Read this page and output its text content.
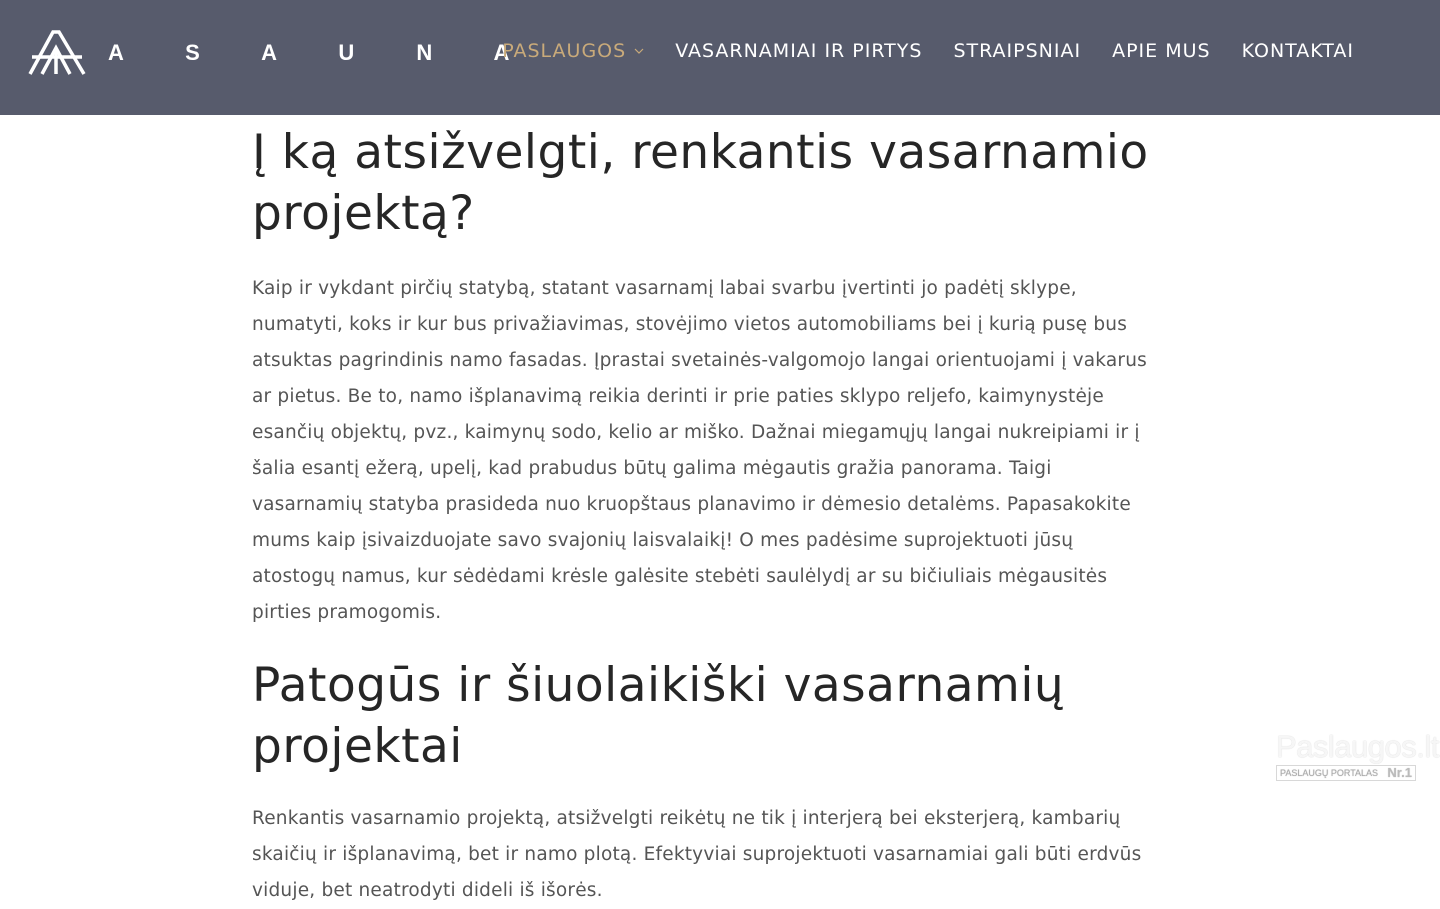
A S A U N A
PASLAUGOS	VASARNAMIAI IR PIRTYS STRAIPSNIAI APIE MUS KONTAKTAI
Į ką atsižvelgti, renkantis vasarnamio projektą?

Kaip ir vykdant pirčių statybą, statant vasarnamį labai svarbu įvertinti jo padėtį sklype, numatyti, koks ir kur bus privažiavimas, stovėjimo vietos automobiliams bei į kurią pusę bus atsuktas pagrindinis namo fasadas. Įprastai svetainės-valgomojo langai orientuojami į vakarus ar pietus. Be to, namo išplanavimą reikia derinti ir prie paties sklypo reljefo, kaimynystėje esančių objektų, pvz., kaimynų sodo, kelio ar miško. Dažnai miegamųjų langai nukreipiami ir į šalia esantį ežerą, upelį, kad prabudus būtų galima mėgautis gražia panorama. Taigi vasarnamių statyba prasideda nuo kruopštaus planavimo ir dėmesio detalėms. Papasakokite mums kaip įsivaizduojate savo svajonių laisvalaikį! O mes padėsime suprojektuoti jūsų atostogų namus, kur sėdėdami krėsle galėsite stebėti saulėlydį ar su bičiuliais mėgausitės pirties pramogomis.

Patogūs ir šiuolaikiški vasarnamių projektai

Renkantis vasarnamio projektą, atsižvelgti reikėtų ne tik į interjerą bei eksterjerą, kambarių skaičių ir išplanavimą, bet ir namo plotą. Efektyviai suprojektuoti vasarnamiai gali būti erdvūs viduje, bet neatrodyti dideli iš išorės.

Paslaugos.lt
PASLAUGŲ PORTALAS Nr.1
